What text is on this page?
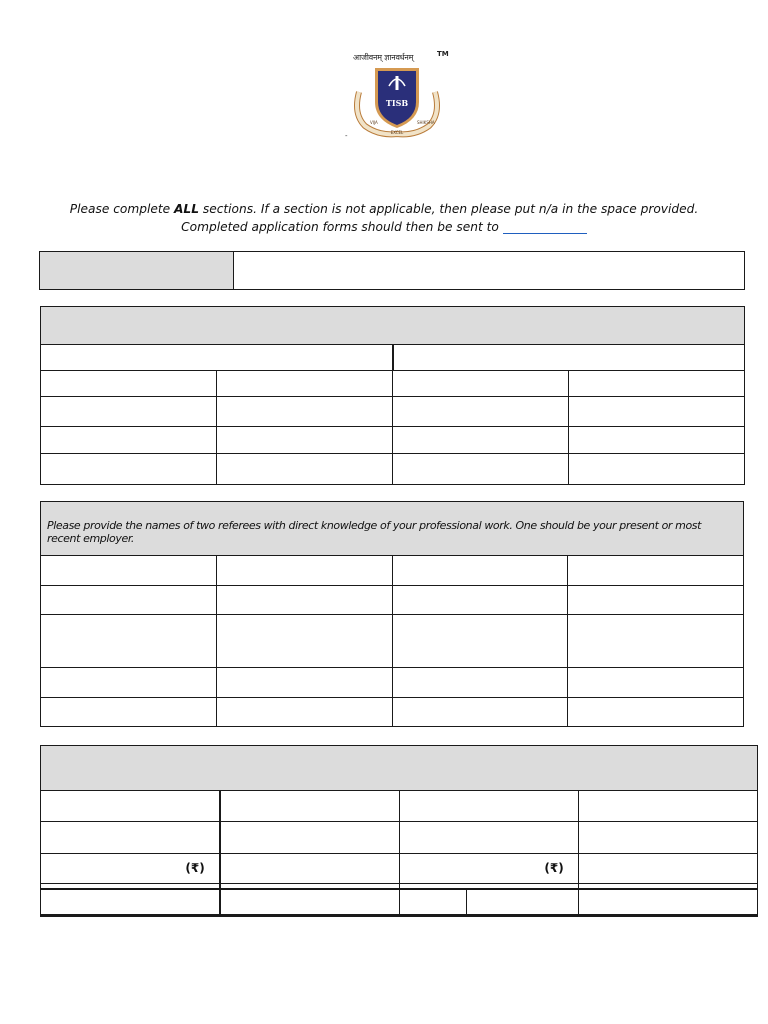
आजीवनम् ज्ञानवर्धनम्	TM
TISB
VIJA
EXCEL
SHIKSHA
-
Please complete ALL sections. If a section is not applicable, then please put n/a in the space provided.
Completed application forms should then be sent to

Please provide the names of two referees with direct knowledge of your professional work. One should be your present or most recent employer.			

(₹)		(₹)	
